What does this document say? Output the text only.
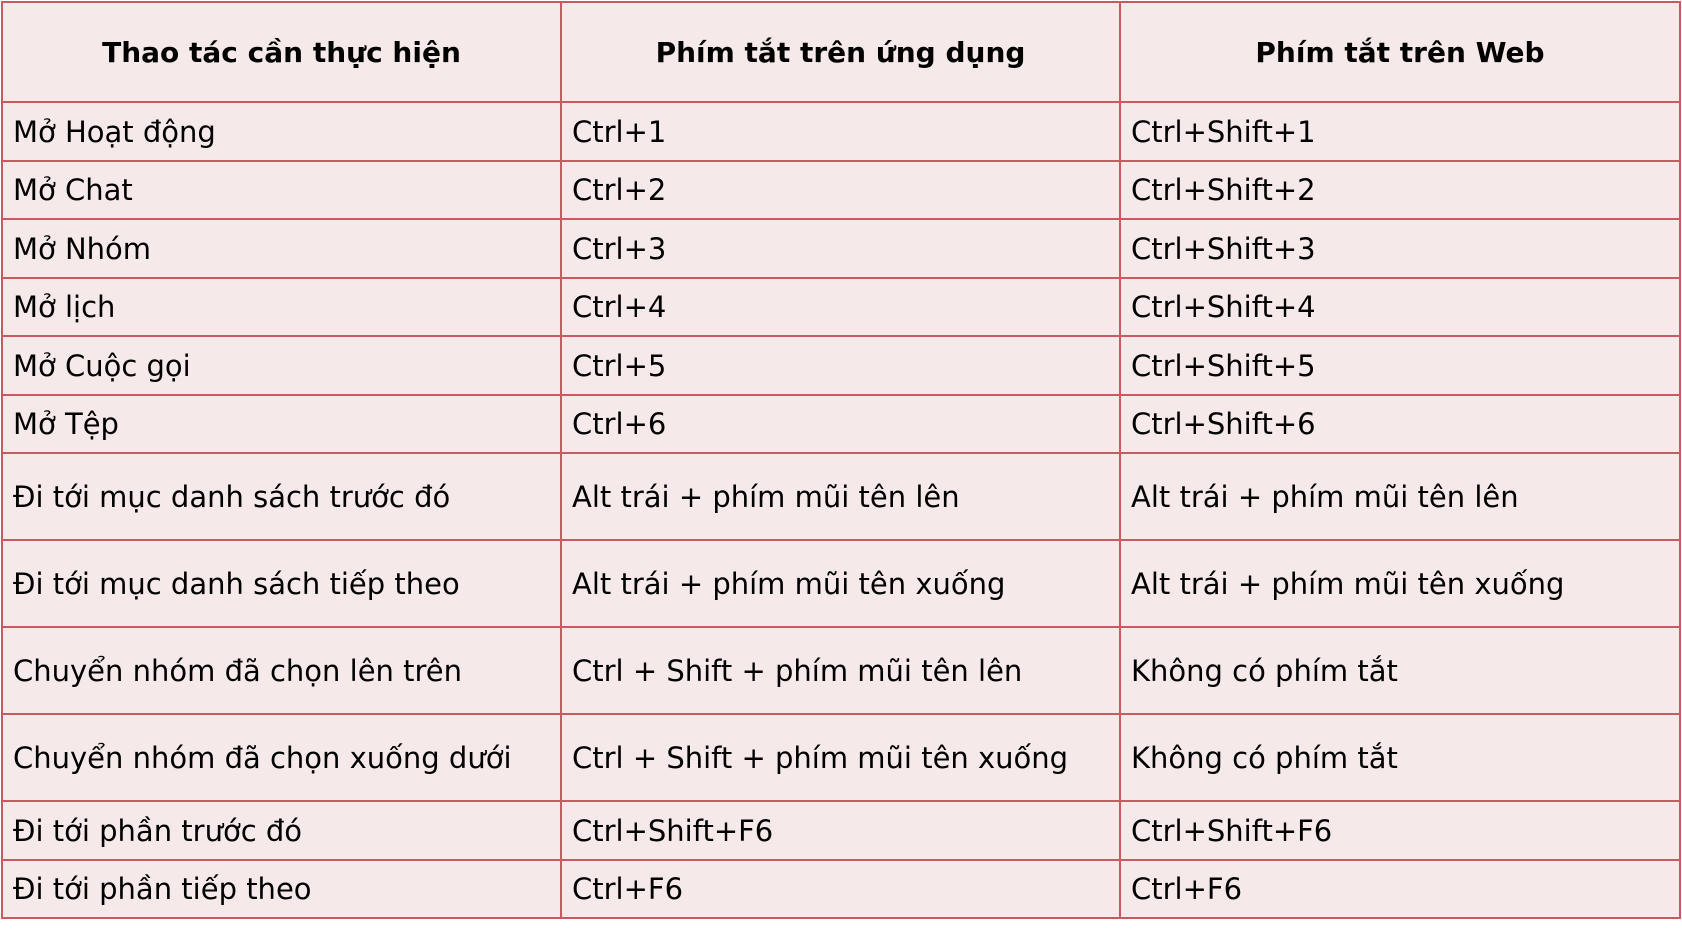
Thao tác cần thực hiện	Phím tắt trên ứng dụng	Phím tắt trên Web
Mở Hoạt động	Ctrl+1	Ctrl+Shift+1
Mở Chat	Ctrl+2	Ctrl+Shift+2
Mở Nhóm	Ctrl+3	Ctrl+Shift+3
Mở lịch	Ctrl+4	Ctrl+Shift+4
Mở Cuộc gọi	Ctrl+5	Ctrl+Shift+5
Mở Tệp	Ctrl+6	Ctrl+Shift+6
Đi tới mục danh sách trước đó	Alt trái + phím mũi tên lên	Alt trái + phím mũi tên lên
Đi tới mục danh sách tiếp theo	Alt trái + phím mũi tên xuống	Alt trái + phím mũi tên xuống
Chuyển nhóm đã chọn lên trên	Ctrl + Shift + phím mũi tên lên	Không có phím tắt
Chuyển nhóm đã chọn xuống dưới	Ctrl + Shift + phím mũi tên xuống	Không có phím tắt
Đi tới phần trước đó	Ctrl+Shift+F6	Ctrl+Shift+F6
Đi tới phần tiếp theo	Ctrl+F6	Ctrl+F6
